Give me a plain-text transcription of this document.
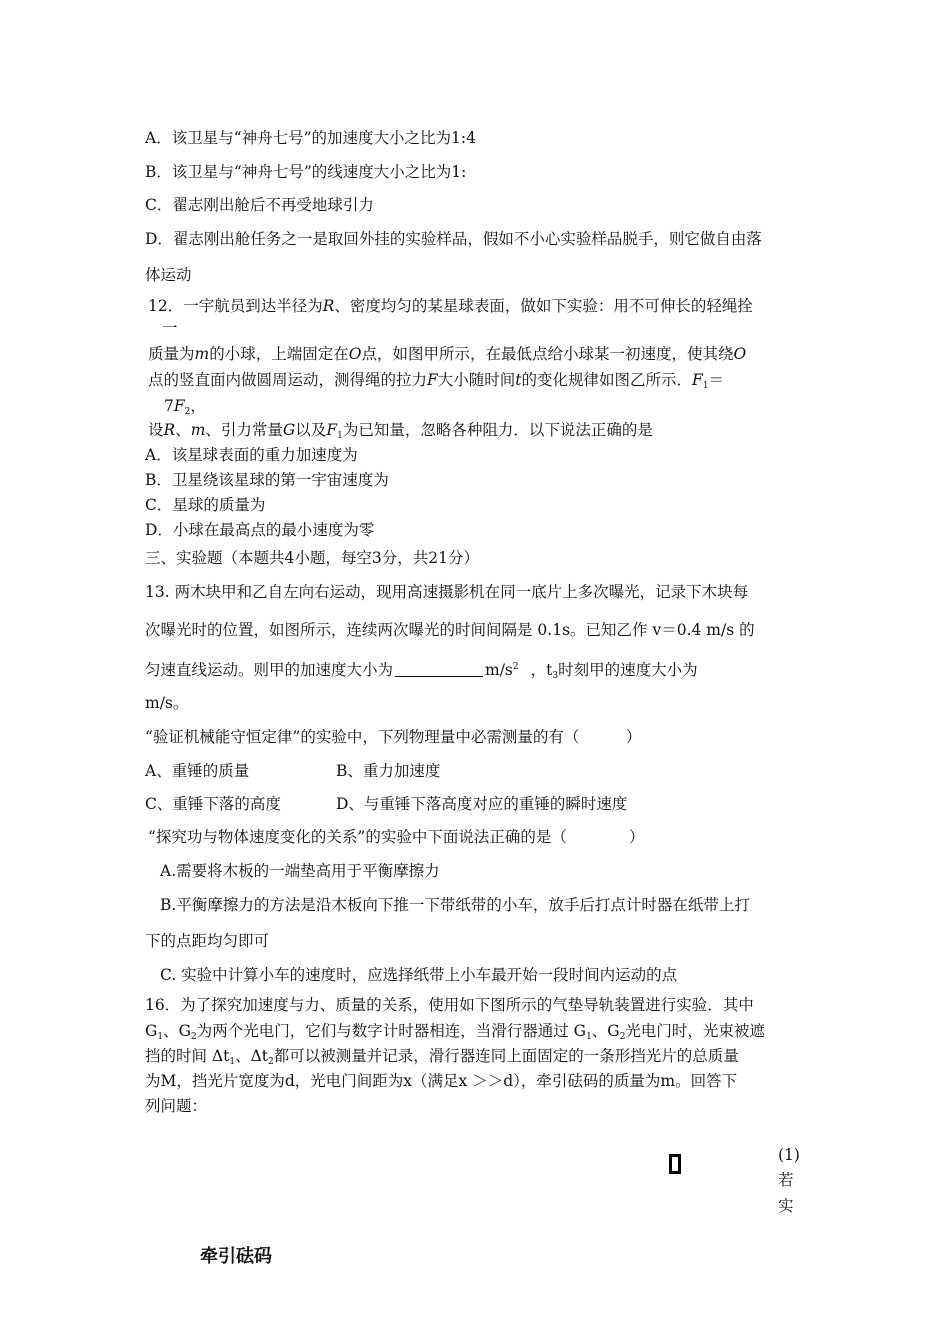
A．该卫星与“神舟七号”的加速度大小之比为1:4
B．该卫星与“神舟七号”的线速度大小之比为1:
C．翟志刚出舱后不再受地球引力
D．翟志刚出舱任务之一是取回外挂的实验样品，假如不小心实验样品脱手，则它做自由落
体运动
12．一宇航员到达半径为R、密度均匀的某星球表面，做如下实验：用不可伸长的轻绳拴
一
质量为m的小球，上端固定在O点，如图甲所示，在最低点给小球某一初速度，使其绕O
点的竖直面内做圆周运动，测得绳的拉力F大小随时间t的变化规律如图乙所示．$F_1=$
$7F_2$，
设R、m、引力常量G以及$F_1$为已知量，忽略各种阻力．以下说法正确的是
A．该星球表面的重力加速度为
B．卫星绕该星球的第一宇宙速度为
C．星球的质量为
D．小球在最高点的最小速度为零
三、实验题（本题共4小题，每空3分，共21分）
13. 两木块甲和乙自左向右运动，现用高速摄影机在同一底片上多次曝光，记录下木块每
次曝光时的位置，如图所示，连续两次曝光的时间间隔是 0.1s。已知乙作 v＝0.4 m/s 的
匀速直线运动。则甲的加速度大小为	$m/s^2$ ，$t_3$时刻甲的速度大小为
m/s。
“验证机械能守恒定律”的实验中，下列物理量中必需测量的有（　　　）
A、重锤的质量	B、重力加速度
C、重锤下落的高度	D、与重锤下落高度对应的重锤的瞬时速度
“探究功与物体速度变化的关系”的实验中下面说法正确的是（　　　　）
A.需要将木板的一端垫高用于平衡摩擦力
B.平衡摩擦力的方法是沿木板向下推一下带纸带的小车，放手后打点计时器在纸带上打
下的点距均匀即可
C. 实验中计算小车的速度时，应选择纸带上小车最开始一段时间内运动的点
16．为了探究加速度与力、质量的关系，使用如下图所示的气垫导轨装置进行实验．其中
$G_1$、$G_2$为两个光电门，它们与数字计时器相连，当滑行器通过 $G_1$、$G_2$光电门时，光束被遮
挡的时间 $\Delta t_1$、$\Delta t_2$都可以被测量并记录，滑行器连同上面固定的一条形挡光片的总质量
为M，挡光片宽度为d，光电门间距为x（满足x ＞＞d），牵引砝码的质量为m。回答下
列问题：
(1)
若
实
牵引砝码
